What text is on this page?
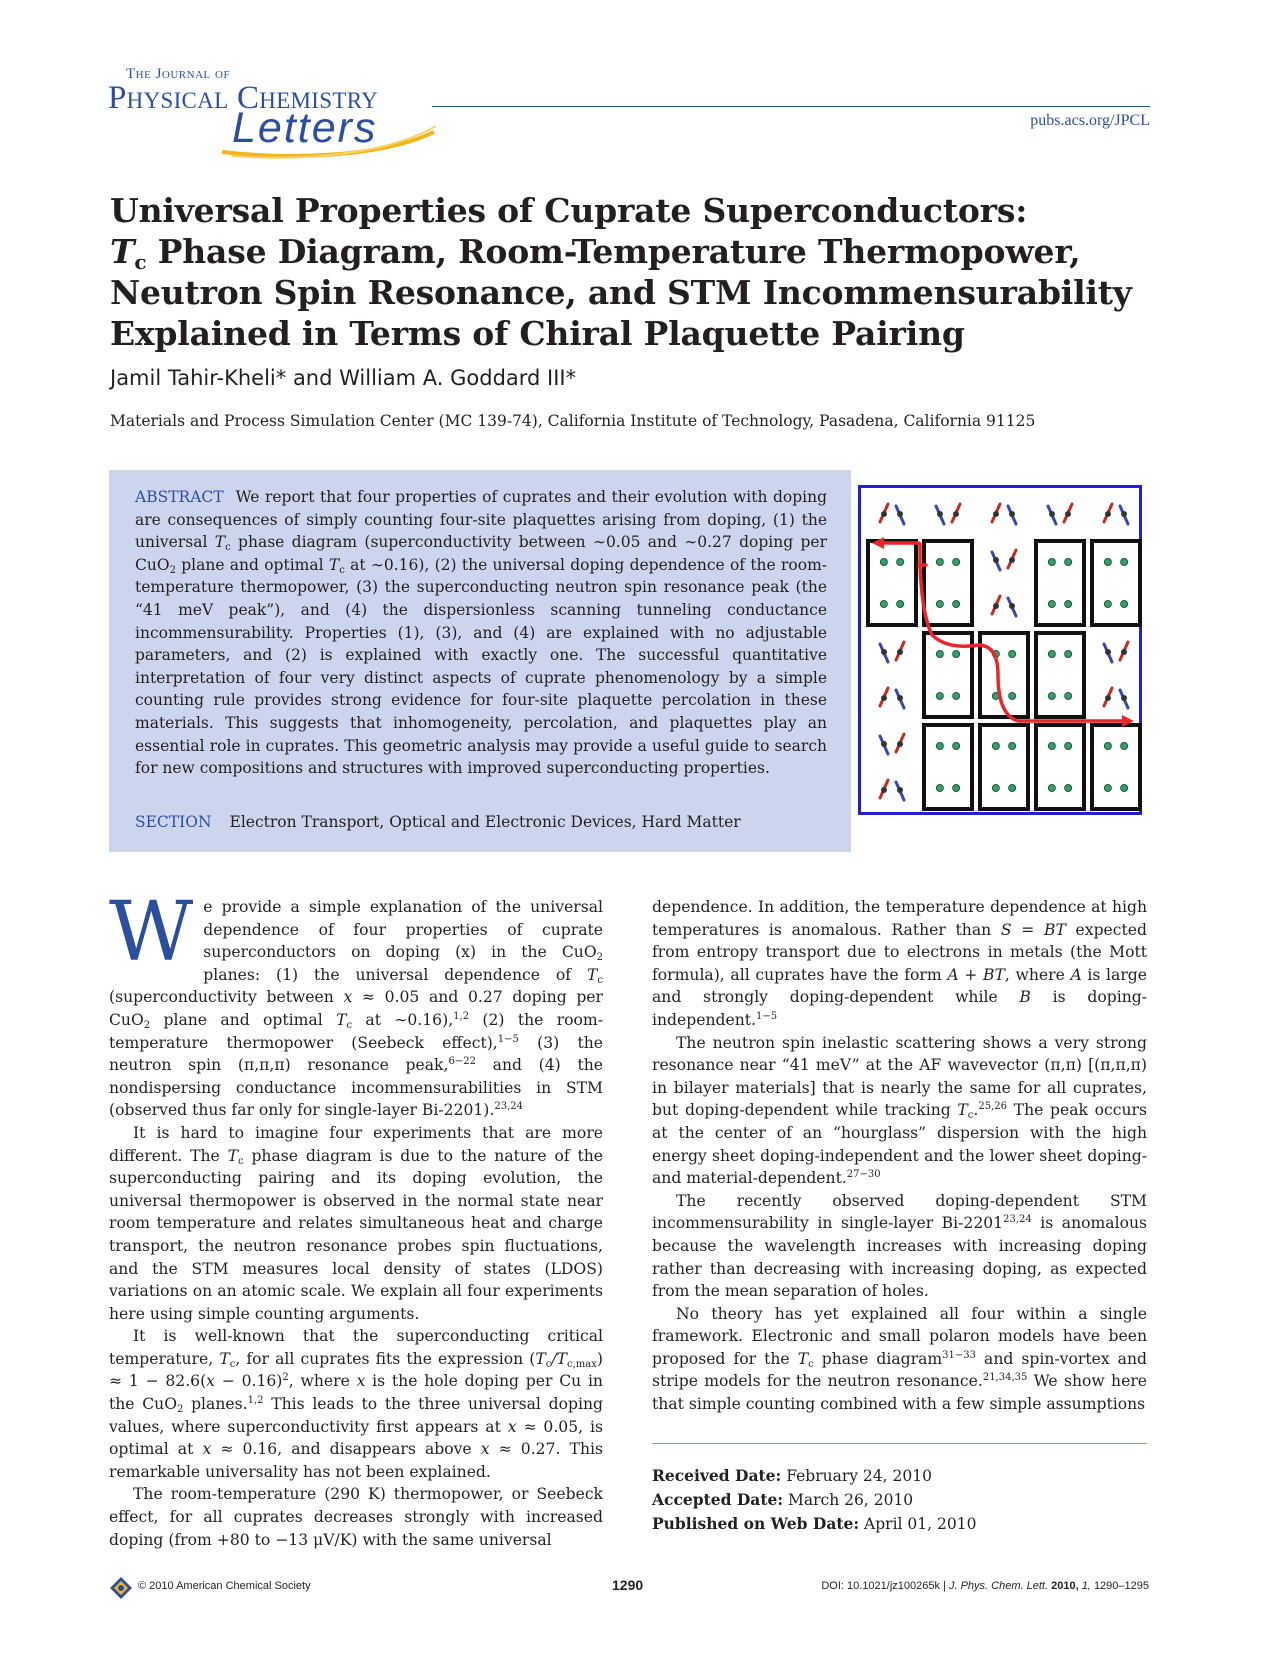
The Journal of
Physical Chemistry
Letters	pubs.acs.org/JPCL
Universal Properties of Cuprate Superconductors:
$T_c$ Phase Diagram, Room-Temperature Thermopower,
Neutron Spin Resonance, and STM Incommensurability
Explained in Terms of Chiral Plaquette Pairing
Jamil Tahir-Kheli* and William A. Goddard III*
Materials and Process Simulation Center (MC 139-74), California Institute of Technology, Pasadena, California 91125

ABSTRACT We report that four properties of cuprates and their evolution with doping are consequences of simply counting four-site plaquettes arising from doping, (1) the universal $T_c$ phase diagram (superconductivity between ∼0.05 and ∼0.27 doping per CuO$_2$ plane and optimal $T_c$ at ∼0.16), (2) the universal doping dependence of the room-temperature thermopower, (3) the superconducting neutron spin resonance peak (the “41 meV peak”), and (4) the dispersionless scanning tunneling conductance incommensurability. Properties (1), (3), and (4) are explained with no adjustable parameters, and (2) is explained with exactly one. The successful quantitative interpretation of four very distinct aspects of cuprate phenomenology by a simple counting rule provides strong evidence for four-site plaquette percolation in these materials. This suggests that inhomogeneity, percolation, and plaquettes play an essential role in cuprates. This geometric analysis may provide a useful guide to search for new compositions and structures with improved superconducting properties.

SECTION Electron Transport, Optical and Electronic Devices, Hard Matter

We provide a simple explanation of the universal dependence of four properties of cuprate superconductors on doping (x) in the CuO$_2$ planes: (1) the universal dependence of $T_c$ (superconductivity between x ≈ 0.05 and 0.27 doping per CuO$_2$ plane and optimal $T_c$ at ∼0.16),$^{1,2}$ (2) the room-temperature thermopower (Seebeck effect),$^{1-5}$ (3) the neutron spin (π,π,π) resonance peak,$^{6-22}$ and (4) the nondispersing conductance incommensurabilities in STM (observed thus far only for single-layer Bi-2201).$^{23,24}$

It is hard to imagine four experiments that are more different. The $T_c$ phase diagram is due to the nature of the superconducting pairing and its doping evolution, the universal thermopower is observed in the normal state near room temperature and relates simultaneous heat and charge transport, the neutron resonance probes spin fluctuations, and the STM measures local density of states (LDOS) variations on an atomic scale. We explain all four experiments here using simple counting arguments.

It is well-known that the superconducting critical temperature, $T_c$, for all cuprates fits the expression $(T_c/T_{c,max}) \approx 1 - 82.6(x - 0.16)^2$, where x is the hole doping per Cu in the CuO$_2$ planes.$^{1,2}$ This leads to the three universal doping values, where superconductivity first appears at x ≈ 0.05, is optimal at x ≈ 0.16, and disappears above x ≈ 0.27. This remarkable universality has not been explained.

The room-temperature (290 K) thermopower, or Seebeck effect, for all cuprates decreases strongly with increased doping (from +80 to −13 μV/K) with the same universal

dependence. In addition, the temperature dependence at high temperatures is anomalous. Rather than S = BT expected from entropy transport due to electrons in metals (the Mott formula), all cuprates have the form A + BT, where A is large and strongly doping-dependent while B is doping-independent.$^{1-5}$

The neutron spin inelastic scattering shows a very strong resonance near “41 meV” at the AF wavevector (π,π) [(π,π,π) in bilayer materials] that is nearly the same for all cuprates, but doping-dependent while tracking $T_c.^{25,26}$ The peak occurs at the center of an “hourglass” dispersion with the high energy sheet doping-independent and the lower sheet doping- and material-dependent.$^{27-30}$

The recently observed doping-dependent STM incommensurability in single-layer Bi-2201$^{23,24}$ is anomalous because the wavelength increases with increasing doping rather than decreasing with increasing doping, as expected from the mean separation of holes.

No theory has yet explained all four within a single framework. Electronic and small polaron models have been proposed for the $T_c$ phase diagram$^{31-33}$ and spin-vortex and stripe models for the neutron resonance.$^{21,34,35}$ We show here that simple counting combined with a few simple assumptions

Received Date: February 24, 2010
Accepted Date: March 26, 2010
Published on Web Date: April 01, 2010
© 2010 American Chemical Society	1290	DOI: 10.1021/jz100265k | J. Phys. Chem. Lett. 2010, 1, 1290–1295
